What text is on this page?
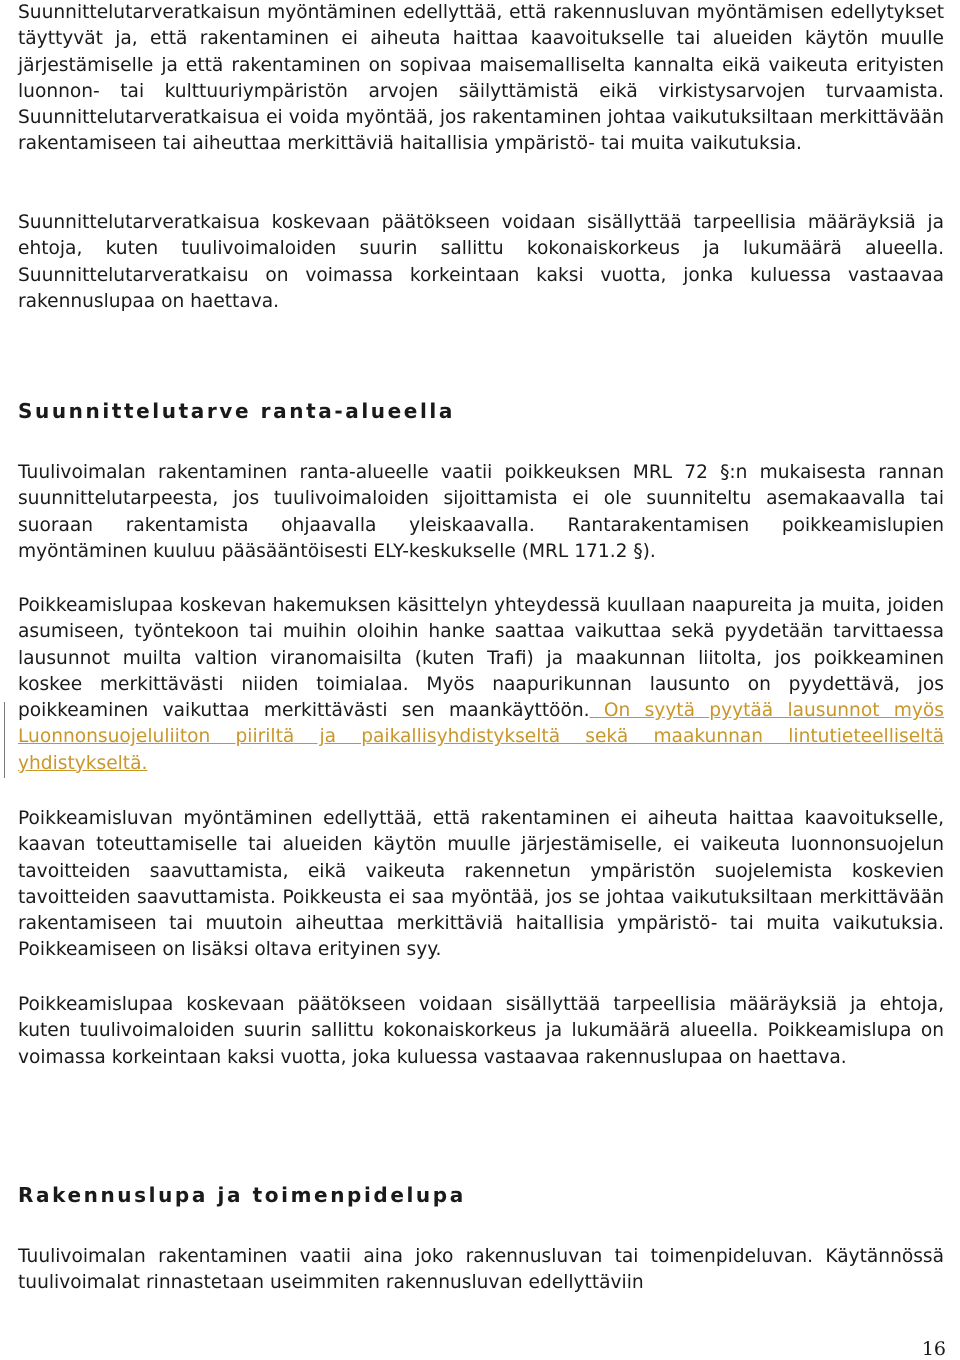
Suunnittelutarveratkaisun myöntäminen edellyttää, että rakennusluvan myöntämisen edellytykset täyttyvät ja, että rakentaminen ei aiheuta haittaa kaavoitukselle tai alueiden käytön muulle järjestämiselle ja että rakentaminen on sopivaa maisemalliselta kannalta eikä vaikeuta erityisten luonnon- tai kulttuuriympäristön arvojen säilyttämistä eikä virkistysarvojen turvaamista. Suunnittelutarveratkaisua ei voida myöntää, jos rakentaminen johtaa vaikutuksiltaan merkittävään rakentamiseen tai aiheuttaa merkittäviä haitallisia ympäristö- tai muita vaikutuksia.

Suunnittelutarveratkaisua koskevaan päätökseen voidaan sisällyttää tarpeellisia määräyksiä ja ehtoja, kuten tuulivoimaloiden suurin sallittu kokonaiskorkeus ja lukumäärä alueella. Suunnittelutarveratkaisu on voimassa korkeintaan kaksi vuotta, jonka kuluessa vastaavaa rakennuslupaa on haettava.

Suunnittelutarve ranta-alueella

Tuulivoimalan rakentaminen ranta-alueelle vaatii poikkeuksen MRL 72 §:n mukaisesta rannan suunnittelutarpeesta, jos tuulivoimaloiden sijoittamista ei ole suunniteltu asemakaavalla tai suoraan rakentamista ohjaavalla yleiskaavalla. Rantarakentamisen poikkeamislupien myöntäminen kuuluu pääsääntöisesti ELY-keskukselle (MRL 171.2 §).

Poikkeamislupaa koskevan hakemuksen käsittelyn yhteydessä kuullaan naapureita ja muita, joiden asumiseen, työntekoon tai muihin oloihin hanke saattaa vaikuttaa sekä pyydetään tarvittaessa lausunnot muilta valtion viranomaisilta (kuten Trafi) ja maakunnan liitolta, jos poikkeaminen koskee merkittävästi niiden toimialaa. Myös naapurikunnan lausunto on pyydettävä, jos poikkeaminen vaikuttaa merkittävästi sen maankäyttöön. On syytä pyytää lausunnot myös Luonnonsuojeluliiton piiriltä ja paikallisyhdistykseltä sekä maakunnan lintutieteelliseltä yhdistykseltä.

Poikkeamisluvan myöntäminen edellyttää, että rakentaminen ei aiheuta haittaa kaavoitukselle, kaavan toteuttamiselle tai alueiden käytön muulle järjestämiselle, ei vaikeuta luonnonsuojelun tavoitteiden saavuttamista, eikä vaikeuta rakennetun ympäristön suojelemista koskevien tavoitteiden saavuttamista. Poikkeusta ei saa myöntää, jos se johtaa vaikutuksiltaan merkittävään rakentamiseen tai muutoin aiheuttaa merkittäviä haitallisia ympäristö- tai muita vaikutuksia. Poikkeamiseen on lisäksi oltava erityinen syy.

Poikkeamislupaa koskevaan päätökseen voidaan sisällyttää tarpeellisia määräyksiä ja ehtoja, kuten tuulivoimaloiden suurin sallittu kokonaiskorkeus ja lukumäärä alueella. Poikkeamislupa on voimassa korkeintaan kaksi vuotta, joka kuluessa vastaavaa rakennuslupaa on haettava.

Rakennuslupa ja toimenpidelupa

Tuulivoimalan rakentaminen vaatii aina joko rakennusluvan tai toimenpideluvan. Käytännössä tuulivoimalat rinnastetaan useimmiten rakennusluvan edellyttäviin

16
